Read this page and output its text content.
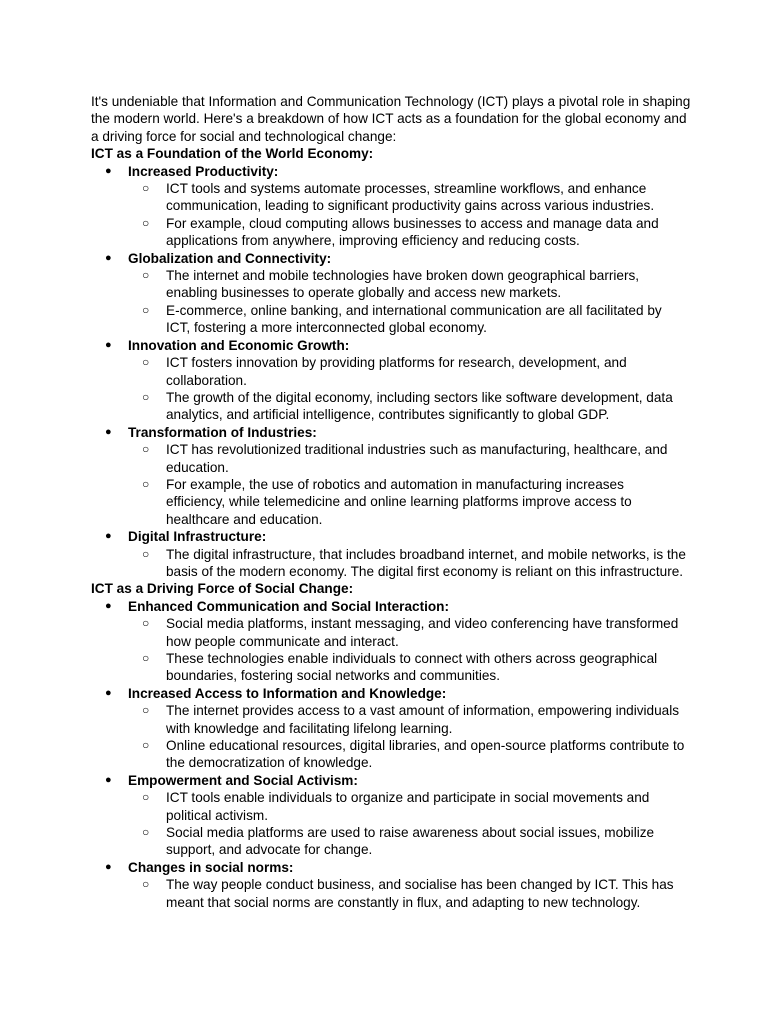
It's undeniable that Information and Communication Technology (ICT) plays a pivotal role in shaping the modern world. Here's a breakdown of how ICT acts as a foundation for the global economy and a driving force for social and technological change:

ICT as a Foundation of the World Economy:

● Increased Productivity:
○ ICT tools and systems automate processes, streamline workflows, and enhance communication, leading to significant productivity gains across various industries.
○ For example, cloud computing allows businesses to access and manage data and applications from anywhere, improving efficiency and reducing costs.
● Globalization and Connectivity:
○ The internet and mobile technologies have broken down geographical barriers, enabling businesses to operate globally and access new markets.
○ E-commerce, online banking, and international communication are all facilitated by ICT, fostering a more interconnected global economy.
● Innovation and Economic Growth:
○ ICT fosters innovation by providing platforms for research, development, and collaboration.
○ The growth of the digital economy, including sectors like software development, data analytics, and artificial intelligence, contributes significantly to global GDP.
● Transformation of Industries:
○ ICT has revolutionized traditional industries such as manufacturing, healthcare, and education.
○ For example, the use of robotics and automation in manufacturing increases efficiency, while telemedicine and online learning platforms improve access to healthcare and education.
● Digital Infrastructure:
○ The digital infrastructure, that includes broadband internet, and mobile networks, is the basis of the modern economy. The digital first economy is reliant on this infrastructure.

ICT as a Driving Force of Social Change:

● Enhanced Communication and Social Interaction:
○ Social media platforms, instant messaging, and video conferencing have transformed how people communicate and interact.
○ These technologies enable individuals to connect with others across geographical boundaries, fostering social networks and communities.
● Increased Access to Information and Knowledge:
○ The internet provides access to a vast amount of information, empowering individuals with knowledge and facilitating lifelong learning.
○ Online educational resources, digital libraries, and open-source platforms contribute to the democratization of knowledge.
● Empowerment and Social Activism:
○ ICT tools enable individuals to organize and participate in social movements and political activism.
○ Social media platforms are used to raise awareness about social issues, mobilize support, and advocate for change.
● Changes in social norms:
○ The way people conduct business, and socialise has been changed by ICT. This has meant that social norms are constantly in flux, and adapting to new technology.
